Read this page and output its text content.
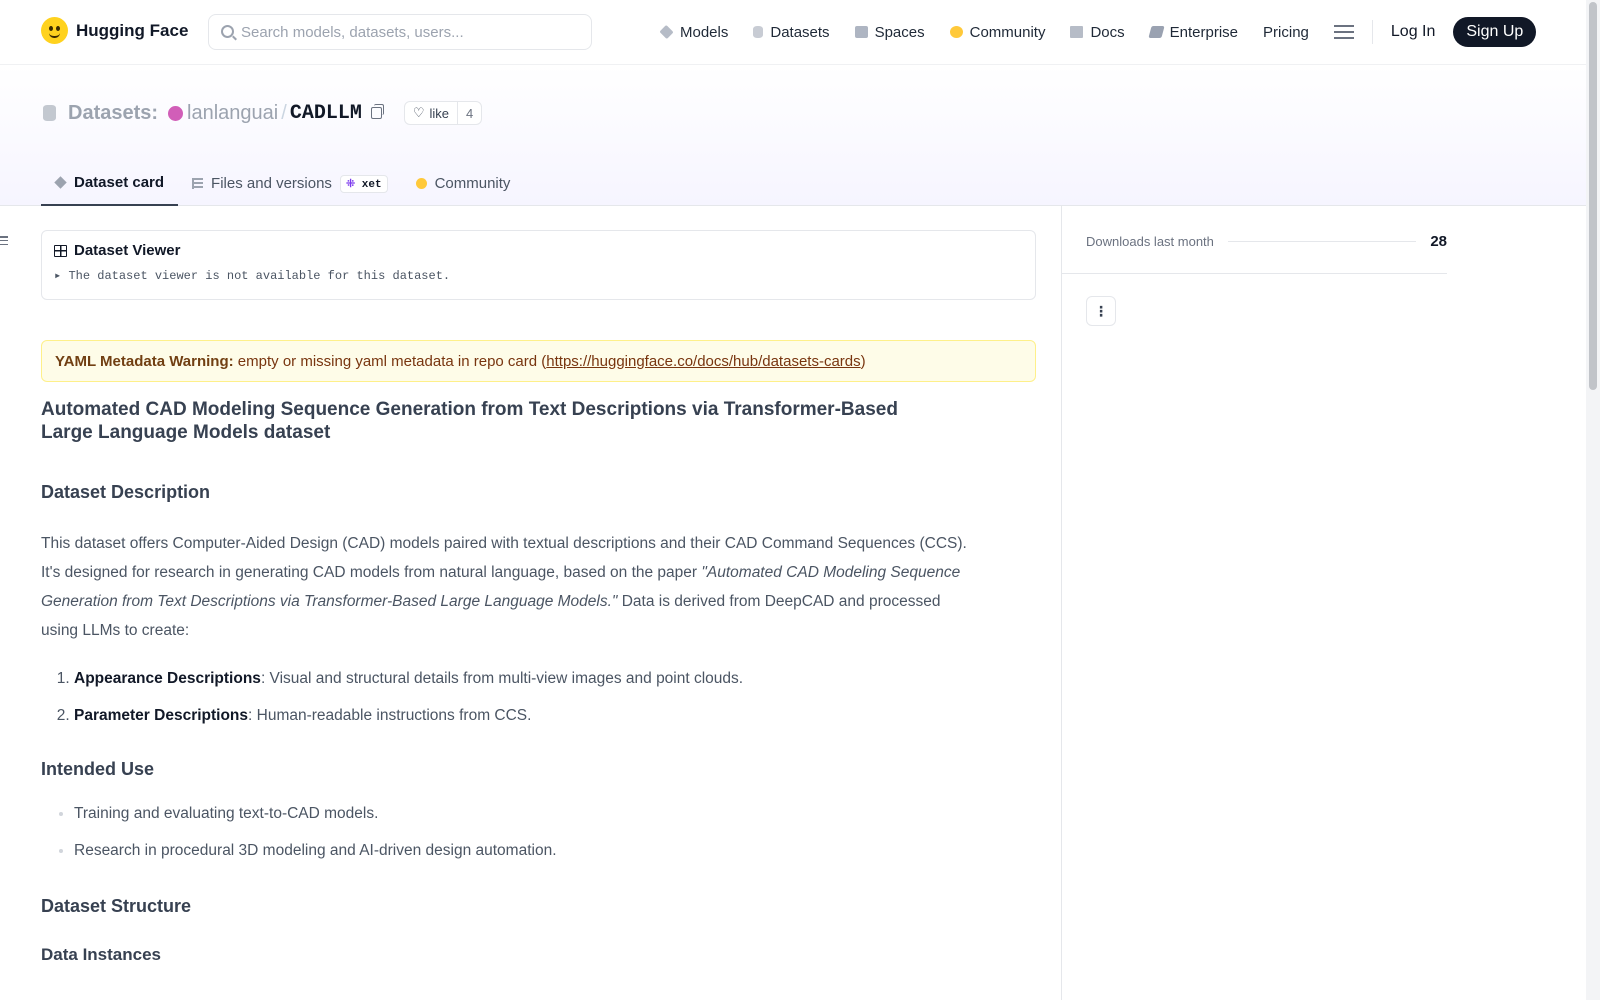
Hugging Face
Search models, datasets, users...	Models	Datasets	Spaces	Community	Docs	Enterprise Pricing	Log In	Sign Up
Datasets: lanlanguai / CADLLM	♡ like	4
Dataset card	Files and versions	⁜ xet	Community
Dataset Viewer
▸ The dataset viewer is not available for this dataset.
YAML Metadata Warning: empty or missing yaml metadata in repo card (https://huggingface.co/docs/hub/datasets-cards)
Automated CAD Modeling Sequence Generation from Text Descriptions via Transformer-Based Large Language Models dataset
Dataset Description

This dataset offers Computer-Aided Design (CAD) models paired with textual descriptions and their CAD Command Sequences (CCS). It's designed for research in generating CAD models from natural language, based on the paper "Automated CAD Modeling Sequence Generation from Text Descriptions via Transformer-Based Large Language Models." Data is derived from DeepCAD and processed using LLMs to create:

1. Appearance Descriptions: Visual and structural details from multi-view images and point clouds.
2. Parameter Descriptions: Human-readable instructions from CCS.
Intended Use
• Training and evaluating text-to-CAD models.
• Research in procedural 3D modeling and AI-driven design automation.
Dataset Structure
Data Instances
Downloads last month	28
⋮
